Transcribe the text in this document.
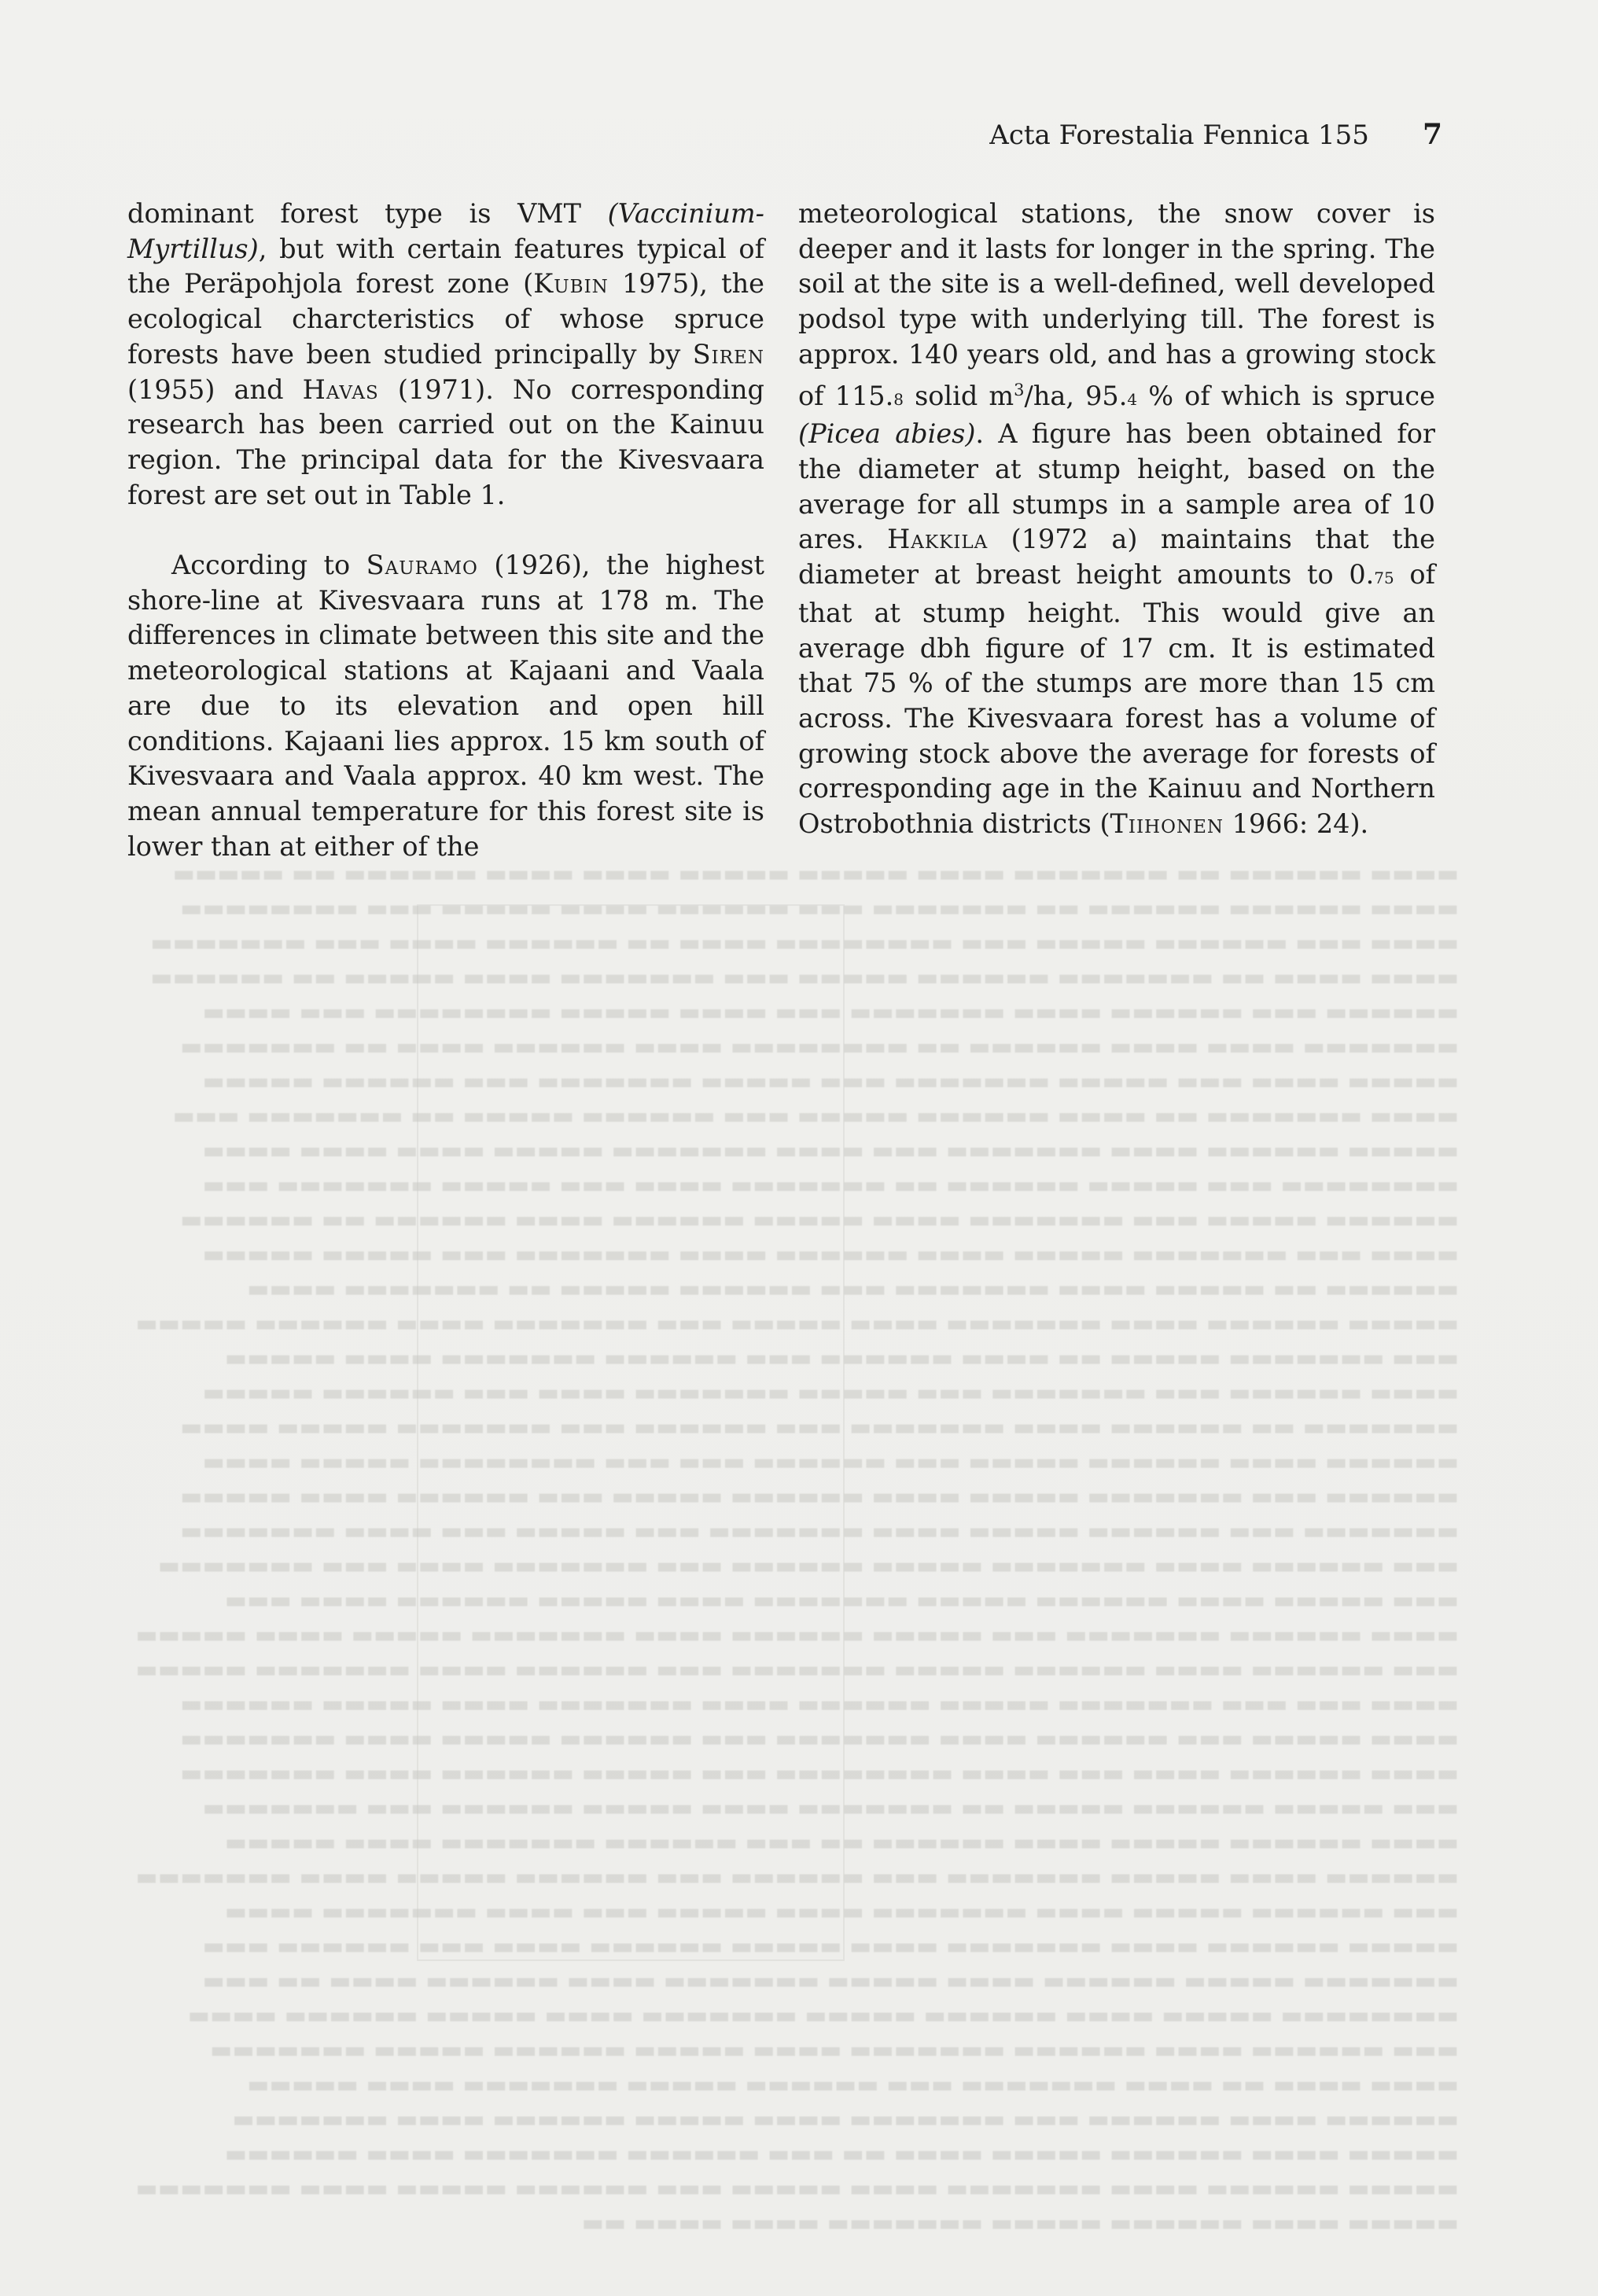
▬▬▬▬ ▬▬▬▬▬▬ ▬▬ ▬▬▬▬▬▬▬ ▬▬▬▬ ▬▬▬▬▬ ▬▬▬▬▬ ▬▬▬▬ ▬▬▬▬ ▬▬▬▬▬▬ ▬▬ ▬▬▬▬▬ ▬▬▬▬ ▬▬▬▬▬▬ ▬▬▬▬▬▬ ▬▬ ▬▬▬▬▬▬▬ ▬▬▬ ▬▬▬▬▬▬ ▬▬▬▬ ▬▬▬▬▬ ▬▬▬ ▬▬▬▬▬▬▬▬ ▬▬▬▬ ▬▬▬ ▬▬▬▬▬▬ ▬▬▬▬▬ ▬▬▬ ▬▬▬▬▬▬▬▬ ▬▬▬▬ ▬▬ ▬▬▬▬▬▬ ▬▬▬▬ ▬▬▬ ▬▬▬▬▬▬▬ ▬▬▬▬ ▬▬▬▬ ▬▬ ▬▬▬▬▬▬▬ ▬▬▬▬▬▬ ▬▬▬▬▬ ▬▬▬ ▬▬▬▬▬▬▬ ▬▬▬▬ ▬▬▬▬▬ ▬▬ ▬▬▬▬▬▬ ▬▬▬▬▬▬ ▬▬▬ ▬▬▬▬▬▬ ▬▬▬▬ ▬▬▬▬▬▬▬ ▬▬▬ ▬▬▬▬ ▬▬▬▬▬ ▬▬▬▬▬▬▬▬ ▬▬▬ ▬▬▬▬ ▬▬▬▬▬▬▬ ▬▬▬▬ ▬▬▬▬ ▬▬▬▬▬▬ ▬▬ ▬▬▬▬▬▬▬▬ ▬▬▬▬ ▬▬▬▬▬▬ ▬▬▬▬ ▬▬ ▬▬▬▬▬▬▬ ▬▬▬▬▬ ▬▬▬▬ ▬▬▬ ▬▬▬▬▬ ▬▬▬▬▬▬▬ ▬▬▬ ▬▬▬▬▬ ▬▬▬▬▬▬▬ ▬▬▬ ▬▬▬▬▬▬ ▬▬▬▬▬ ▬▬▬▬ ▬▬▬▬▬▬▬ ▬▬ ▬▬▬▬ ▬▬▬▬▬▬ ▬▬▬▬▬ ▬▬▬ ▬▬▬▬▬▬ ▬▬▬▬▬ ▬▬ ▬▬▬▬▬▬▬ ▬▬▬ ▬▬▬▬▬ ▬▬▬▬▬▬ ▬▬▬▬ ▬▬▬▬▬▬▬ ▬▬▬ ▬▬▬▬ ▬▬▬▬▬▬▬ ▬▬▬▬▬ ▬▬▬▬ ▬▬▬▬ ▬▬▬▬ ▬▬▬▬▬▬▬▬ ▬▬▬ ▬▬▬▬▬ ▬▬▬▬▬▬ ▬▬ ▬▬▬▬▬▬▬ ▬▬▬▬ ▬▬▬ ▬▬▬▬▬ ▬▬▬▬▬▬▬ ▬▬▬ ▬▬▬▬▬▬ ▬▬▬▬▬ ▬▬▬ ▬▬▬▬▬▬▬ ▬▬▬▬ ▬▬▬▬▬ ▬▬▬▬▬▬ ▬▬▬▬ ▬▬▬▬▬▬ ▬▬ ▬▬▬▬▬▬ ▬▬▬▬ ▬▬▬ ▬▬▬▬▬▬▬ ▬▬▬▬▬ ▬▬▬▬ ▬▬▬▬▬▬ ▬▬▬▬ ▬▬▬▬▬▬▬ ▬▬▬ ▬▬▬▬▬ ▬▬▬▬▬ ▬▬▬▬▬▬ ▬▬ ▬▬▬▬▬ ▬▬▬▬ ▬▬▬▬▬▬▬ ▬▬▬ ▬▬▬▬▬▬ ▬▬▬▬▬ ▬▬ ▬▬▬▬▬▬▬ ▬▬▬▬ ▬▬▬▬▬ ▬▬▬▬▬▬ ▬▬▬▬ ▬▬▬▬▬▬▬ ▬▬▬▬ ▬▬▬▬▬ ▬▬▬ ▬▬▬▬▬▬▬ ▬▬▬▬ ▬▬▬▬▬▬ ▬▬▬▬▬ ▬▬▬ ▬▬▬▬▬▬▬ ▬▬▬▬▬ ▬▬ ▬▬▬▬ ▬▬▬▬▬▬ ▬▬▬ ▬▬▬▬▬▬ ▬▬▬▬▬▬▬ ▬▬▬▬ ▬▬▬▬▬ ▬▬▬▬ ▬▬▬▬▬▬ ▬▬▬ ▬▬▬▬▬▬▬ ▬▬▬ ▬▬▬▬▬ ▬▬▬▬▬▬▬ ▬▬▬▬ ▬▬▬ ▬▬▬▬▬▬ ▬▬▬▬▬ ▬▬▬▬▬▬▬ ▬▬ ▬▬▬▬▬▬ ▬▬▬▬ ▬▬▬▬▬▬▬ ▬▬▬ ▬▬▬▬▬▬ ▬▬▬ ▬▬▬▬▬▬▬ ▬▬▬▬▬ ▬▬▬▬ ▬▬▬▬▬▬ ▬▬▬▬ ▬▬▬▬▬▬ ▬▬▬▬▬ ▬▬▬ ▬▬▬▬▬▬ ▬▬▬ ▬▬▬ ▬▬▬▬▬▬▬▬ ▬▬▬▬▬ ▬▬▬▬ ▬▬▬▬▬▬ ▬▬▬ ▬▬▬▬▬▬▬ ▬▬▬▬▬ ▬▬▬▬ ▬▬▬▬▬▬ ▬▬▬▬▬ ▬▬▬ ▬▬▬▬▬▬ ▬▬▬▬ ▬▬▬▬▬ ▬▬▬▬▬▬▬ ▬▬▬ ▬▬▬▬▬▬ ▬▬▬▬▬ ▬▬▬▬ ▬▬▬▬▬▬▬ ▬▬▬ ▬▬▬▬▬ ▬▬▬ ▬▬▬▬ ▬▬▬▬▬▬▬ ▬▬▬ ▬▬▬▬▬▬ ▬▬▬▬ ▬▬▬▬▬▬▬ ▬▬▬▬▬ ▬▬▬▬▬▬ ▬▬▬ ▬▬▬▬▬▬▬ ▬▬▬▬ ▬▬▬ ▬▬▬▬▬▬▬ ▬▬▬ ▬▬▬▬▬ ▬▬▬▬ ▬▬▬▬▬▬ ▬▬▬▬▬ ▬▬▬▬▬▬▬ ▬▬▬▬ ▬▬▬▬▬ ▬▬▬▬▬▬ ▬▬▬▬ ▬▬▬ ▬▬▬▬ ▬▬▬▬▬▬ ▬▬▬▬▬▬▬ ▬▬▬ ▬▬▬▬▬ ▬▬▬▬▬▬ ▬▬▬▬ ▬▬▬▬▬▬▬ ▬▬▬▬▬ ▬▬▬▬ ▬▬▬▬▬ ▬▬▬ ▬▬▬▬▬▬ ▬▬▬▬ ▬▬▬▬▬▬ ▬▬▬▬▬ ▬▬▬▬▬▬▬ ▬▬▬ ▬▬▬▬▬▬ ▬▬▬▬ ▬▬▬▬▬▬▬ ▬▬▬▬▬ ▬▬▬▬ ▬▬▬ ▬▬▬ ▬▬▬▬▬▬▬ ▬▬▬▬▬ ▬▬▬▬▬▬ ▬▬▬▬ ▬▬▬▬▬▬▬ ▬▬▬▬ ▬▬▬▬▬ ▬▬▬▬▬▬ ▬▬▬▬ ▬▬▬▬▬ ▬▬▬ ▬▬▬▬▬▬ ▬▬▬▬ ▬▬▬▬▬▬▬ ▬▬▬ ▬▬▬▬▬▬ ▬▬▬▬▬ ▬▬▬▬ ▬▬▬▬▬▬▬ ▬▬▬▬ ▬▬▬▬▬▬ ▬▬▬▬ ▬▬▬ ▬▬▬▬ ▬▬▬▬▬▬▬▬ ▬▬▬ ▬▬▬▬▬ ▬▬▬▬▬▬ ▬▬▬▬ ▬▬▬▬▬▬▬ ▬▬▬ ▬▬▬▬▬ ▬▬▬▬▬▬ ▬▬▬▬▬ ▬▬ ▬▬▬▬▬▬▬ ▬▬▬▬ ▬▬▬▬▬ ▬▬▬▬▬▬ ▬▬▬ ▬▬▬▬▬▬▬ ▬▬▬▬ ▬▬▬▬▬▬ ▬▬▬▬▬ ▬▬▬▬ ▬▬▬▬▬▬ ▬▬ ▬▬▬ ▬▬▬▬▬▬ ▬▬▬▬▬▬▬ ▬▬▬▬ ▬▬▬▬▬ ▬▬▬▬▬▬ ▬▬▬▬ ▬▬▬▬▬ ▬▬▬▬▬▬▬ ▬▬▬ ▬▬▬▬▬▬ ▬▬▬ ▬▬▬▬▬▬ ▬▬▬▬▬ ▬▬▬▬ ▬▬▬▬▬▬▬ ▬▬▬ ▬▬▬▬▬▬ ▬▬▬▬▬ ▬▬▬▬ ▬▬▬▬▬▬▬ ▬▬▬▬ ▬▬▬▬▬ ▬▬▬ ▬▬▬▬ ▬▬▬▬▬▬▬ ▬▬▬▬ ▬▬▬▬▬ ▬▬▬▬▬▬ ▬▬▬▬ ▬▬▬▬▬▬▬ ▬▬▬▬ ▬▬▬▬▬ ▬▬▬▬▬▬ ▬▬▬▬ ▬▬▬ ▬▬▬▬▬▬ ▬▬▬ ▬▬▬▬▬▬▬ ▬▬▬▬▬ ▬▬▬▬▬▬ ▬▬▬▬ ▬▬▬▬▬ ▬▬▬▬▬▬▬ ▬▬▬▬ ▬▬▬▬▬▬ ▬▬▬▬ ▬▬ ▬▬▬ ▬▬▬▬▬▬▬▬ ▬▬▬▬▬ ▬▬▬▬ ▬▬▬▬▬▬ ▬▬▬▬▬ ▬▬▬▬▬▬▬ ▬▬▬▬ ▬▬▬▬▬ ▬▬▬▬▬▬ ▬▬▬▬ ▬▬▬ ▬▬▬▬▬▬ ▬▬▬▬ ▬▬▬▬▬▬ ▬▬▬▬▬▬▬ ▬▬▬▬ ▬▬▬▬▬ ▬▬▬▬▬▬ ▬▬▬▬▬ ▬▬▬▬▬▬▬ ▬▬▬▬ ▬▬▬▬ ▬▬ ▬▬▬▬ ▬▬▬▬▬▬▬ ▬▬▬ ▬▬▬▬▬▬ ▬▬▬▬▬ ▬▬▬▬▬▬▬ ▬▬▬▬ ▬▬▬▬▬ ▬▬▬▬▬▬ ▬▬▬▬ ▬▬▬▬▬▬ ▬▬▬ ▬▬▬▬▬▬▬ ▬▬▬▬ ▬▬▬▬▬ ▬▬▬▬▬▬ ▬▬▬▬ ▬▬▬▬▬▬▬ ▬▬▬▬▬ ▬▬▬▬ ▬▬▬▬▬▬ ▬▬▬▬▬ ▬▬▬▬ ▬▬ ▬▬▬ ▬▬▬▬▬▬ ▬▬▬▬▬▬▬ ▬▬▬▬ ▬▬▬▬▬▬ ▬▬▬▬▬ ▬▬▬▬▬▬ ▬▬▬▬ ▬▬▬▬▬▬▬ ▬▬▬▬ ▬▬▬▬▬ ▬▬▬ ▬▬▬▬▬▬ ▬▬▬▬▬ ▬▬▬▬ ▬▬▬▬▬▬▬ ▬▬▬▬▬ ▬▬▬▬ ▬▬▬▬▬▬ ▬▬▬▬▬ ▬▬▬▬▬▬▬ ▬▬▬▬ ▬▬▬▬ ▬▬
Acta Forestalia Fennica 155 7

dominant forest type is VMT (Vaccinium-Myrtillus), but with certain features typical of the Peräpohjola forest zone (Kubin 1975), the ecological charcteristics of whose spruce forests have been studied principally by Siren (1955) and Havas (1971). No corresponding research has been carried out on the Kainuu region. The principal data for the Kivesvaara forest are set out in Table 1.

According to Sauramo (1926), the highest shore-line at Kivesvaara runs at 178 m. The differences in climate between this site and the meteorological stations at Kajaani and Vaala are due to its elevation and open hill conditions. Kajaani lies approx. 15 km south of Kivesvaara and Vaala approx. 40 km west. The mean annual temperature for this forest site is lower than at either of the

meteorological stations, the snow cover is deeper and it lasts for longer in the spring. The soil at the site is a well-defined, well developed podsol type with underlying till. The forest is approx. 140 years old, and has a growing stock of 115.8 solid $m^3/ha$, 95.4 % of which is spruce (Picea abies). A figure has been obtained for the diameter at stump height, based on the average for all stumps in a sample area of 10 ares. Hakkila (1972 a) maintains that the diameter at breast height amounts to 0.75 of that at stump height. This would give an average dbh figure of 17 cm. It is estimated that 75 % of the stumps are more than 15 cm across. The Kivesvaara forest has a volume of growing stock above the average for forests of corresponding age in the Kainuu and Northern Ostrobothnia districts (Tiihonen 1966: 24).
